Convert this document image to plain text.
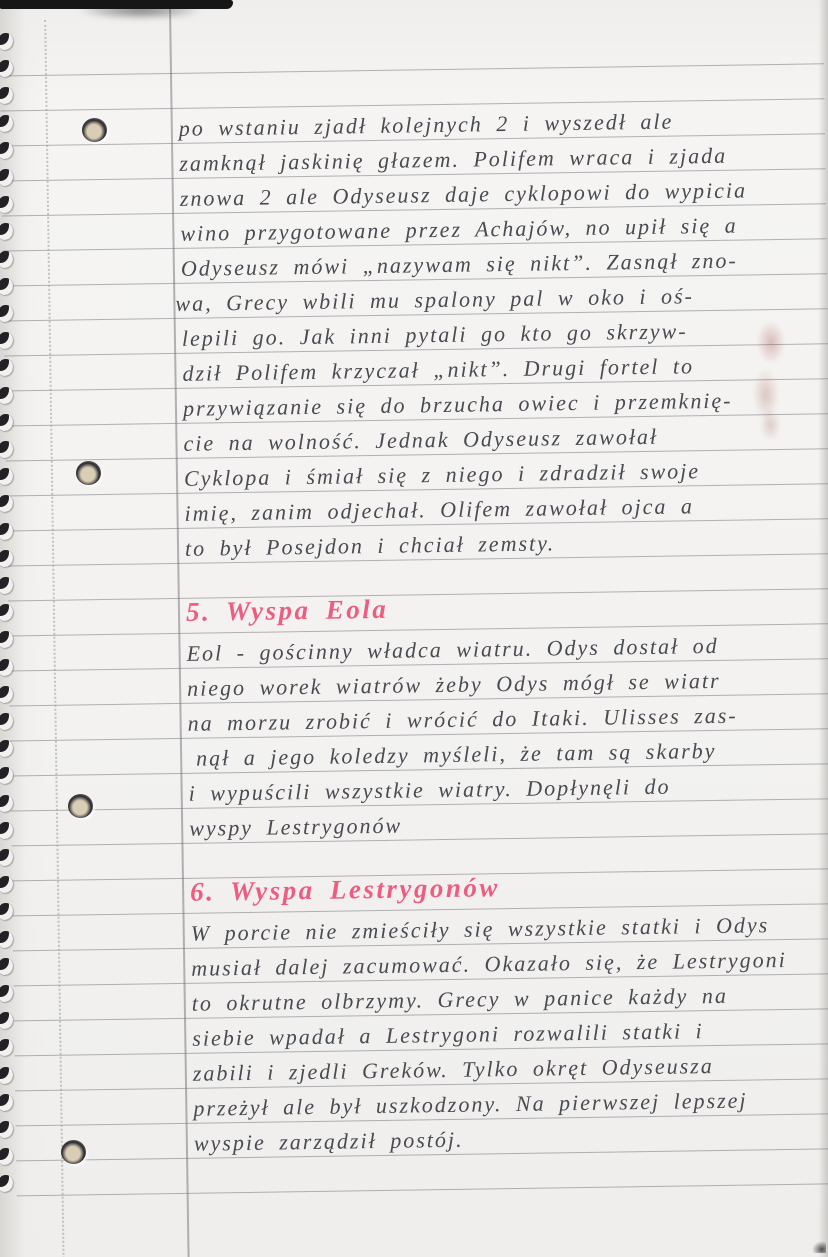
po wstaniu zjadł kolejnych 2 i wyszedł ale
zamknął jaskinię głazem. Polifem wraca i zjada
znowa 2 ale Odyseusz daje cyklopowi do wypicia
wino przygotowane przez Achajów, no upił się a
Odyseusz mówi „nazywam się nikt”. Zasnął zno-
wa, Grecy wbili mu spalony pal w oko i oś-
lepili go. Jak inni pytali go kto go skrzyw-
dził Polifem krzyczał „nikt”. Drugi fortel to
przywiązanie się do brzucha owiec i przemknię-
cie na wolność. Jednak Odyseusz zawołał
Cyklopa i śmiał się z niego i zdradził swoje
imię, zanim odjechał. Olifem zawołał ojca a
to był Posejdon i chciał zemsty.
5. Wyspa Eola
Eol - gościnny władca wiatru. Odys dostał od
niego worek wiatrów żeby Odys mógł se wiatr
na morzu zrobić i wrócić do Itaki. Ulisses zas-
nął a jego koledzy myśleli, że tam są skarby
i wypuścili wszystkie wiatry. Dopłynęli do
wyspy Lestrygonów
6. Wyspa Lestrygonów
W porcie nie zmieściły się wszystkie statki i Odys
musiał dalej zacumować. Okazało się, że Lestrygoni
to okrutne olbrzymy. Grecy w panice każdy na
siebie wpadał a Lestrygoni rozwalili statki i
zabili i zjedli Greków. Tylko okręt Odyseusza
przeżył ale był uszkodzony. Na pierwszej lepszej
wyspie zarządził postój.
